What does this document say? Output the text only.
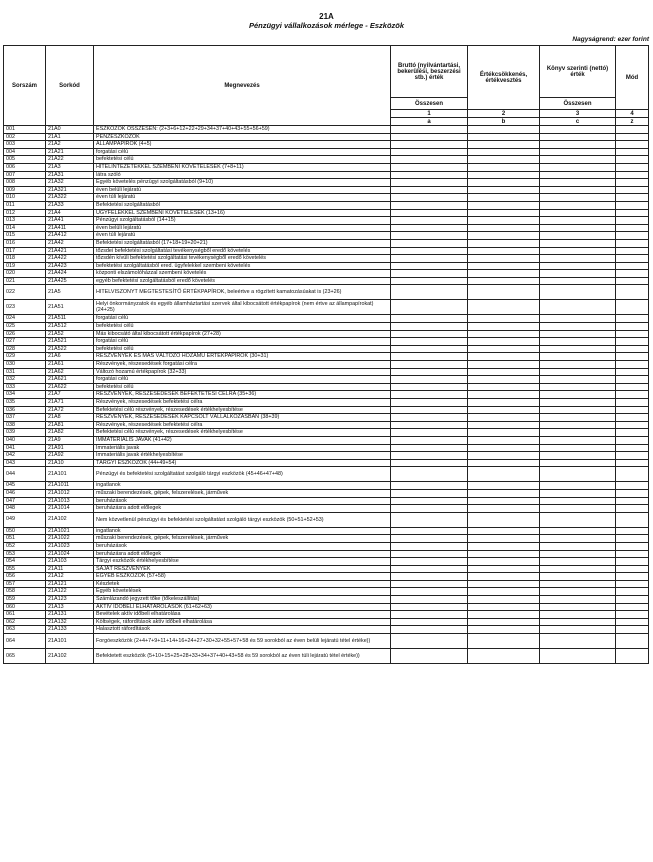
21A
Pénzügyi vállalkozások mérlege - Eszközök
Nagyságrend: ezer forint
Sorszám	Sorkód	Megnevezés	Bruttó (nyilvántartási, bekerülési, beszerzési stb.) érték	Értékcsökkenés, értékvesztés	Könyv szerinti (nettó) érték	Mód
			Összesen		Összesen	
			1	2	3	4
			a	b	c	z
001	21A0	ESZKÖZÖK ÖSSZESEN: (2+3+6+12+22+29+34+37+40+43+55+56+59)				
002	21A1	PÉNZESZKÖZÖK				
003	21A2	ÁLLAMPAPÍROK (4+5)				
004	21A21	forgatási célú				
005	21A22	befektetési célú				
006	21A3	HITELINTÉZETEKKEL SZEMBENI KÖVETELÉSEK (7+8+11)				
007	21A31	látra szóló				
008	21A32	Egyéb követelés pénzügyi szolgáltatásból (9+10)				
009	21A321	éven belüli lejáratú				
010	21A322	éven túli lejáratú				
011	21A33	Befektetési szolgáltatásból				
012	21A4	ÜGYFELEKKEL SZEMBENI KÖVETELÉSEK (13+16)				
013	21A41	Pénzügyi szolgáltatásból (14+15)				
014	21A411	éven belüli lejáratú				
015	21A412	éven túli lejáratú				
016	21A42	Befektetési szolgáltatásból (17+18+19+20+21)				
017	21A421	tőzsdei befektetési szolgáltatási tevékenységből eredő követelés				
018	21A422	tőzsdén kívüli befektetési szolgáltatási tevékenységből eredő követelés				
019	21A423	befektetési szolgáltatásból ered. ügyfelekkel szembeni követelés				
020	21A424	központi elszámolóházzal szembeni követelés				
021	21A425	egyéb befektetési szolgáltatásból eredő követelés				
022	21A5	HITELVISZONYT MEGTESTESÍTŐ ÉRTÉKPAPÍROK, beleértve a rögzített kamatozásúakat is (23+26)				
023	21A51	Helyi önkormányzatok és egyéb államháztartási szervek által kibocsátott értékpapírok (nem értve az állampapírokat) (24+25)				
024	21A511	forgatási célú				
025	21A512	befektetési célú				
026	21A52	Más kibocsátó által kibocsátott értékpapírok (27+28)				
027	21A521	forgatási célú				
028	21A522	befektetési célú				
029	21A6	RÉSZVÉNYEK ÉS MÁS VÁLTOZÓ HOZAMÚ ÉRTÉKPAPÍROK (30+31)				
030	21A61	Részvények, részesedések forgatási célra				
031	21A62	Változó hozamú értékpapírok (32+33)				
032	21A621	forgatási célú				
033	21A622	befektetési célú				
034	21A7	RÉSZVÉNYEK, RÉSZESEDÉSEK BEFEKTETÉSI CÉLRA (35+36)				
035	21A71	Részvények, részesedések befektetési célra				
036	21A72	Befektetési célú részvények, részesedések értékhelyesbítése				
037	21A8	RÉSZVÉNYEK, RÉSZESEDÉSEK KAPCSOLT VÁLLALKOZÁSBAN (38+39)				
038	21A81	Részvények, részesedések befektetési célra				
039	21A82	Befektetési célú részvények, részesedések értékhelyesbítése				
040	21A9	IMMATERIÁLIS JAVAK (41+42)				
041	21A91	Immateriális javak				
042	21A92	Immateriális javak értékhelyesbítése				
043	21A10	TÁRGYI ESZKÖZÖK (44+49+54)				
044	21A101	Pénzügyi és befektetési szolgáltatást szolgáló tárgyi eszközök (45+46+47+48)				
045	21A1011	ingatlanok				
046	21A1012	műszaki berendezések, gépek, felszerelések, járművek				
047	21A1013	beruházások				
048	21A1014	beruházásra adott előlegek				
049	21A102	Nem közvetlenül pénzügyi és befektetési szolgáltatást szolgáló tárgyi eszközök (50+51+52+53)				
050	21A1021	ingatlanok				
051	21A1022	műszaki berendezések, gépek, felszerelések, járművek				
052	21A1023	beruházások				
053	21A1024	beruházásra adott előlegek				
054	21A103	Tárgyi eszközök értékhelyesbítése				
055	21A11	SAJÁT RÉSZVÉNYEK				
056	21A12	EGYÉB ESZKÖZÖK (57+58)				
057	21A121	Készletek				
058	21A122	Egyéb követelések				
059	21A123	Számlázandó jegyzett tőke (tőkeleszállítás)				
060	21A13	AKTÍV IDŐBELI ELHATÁROLÁSOK (61+62+63)				
061	21A131	Bevételek aktív időbeli elhatárolása				
062	21A132	Költségek, ráfordítások aktív időbeli elhatárolása				
063	21A133	Halasztott ráfordítások				
064	21A101	Forgóeszközök (2+4+7+9+11+14+16+24+27+30+32+55+57+58 és 59 sorokból az éven belüli lejáratú tétel értéke))				
065	21A102	Befektetett eszközök (5+10+15+25+28+33+34+37+40+43+58 és 59 sorokból az éven túli lejáratú tétel értéke))				
